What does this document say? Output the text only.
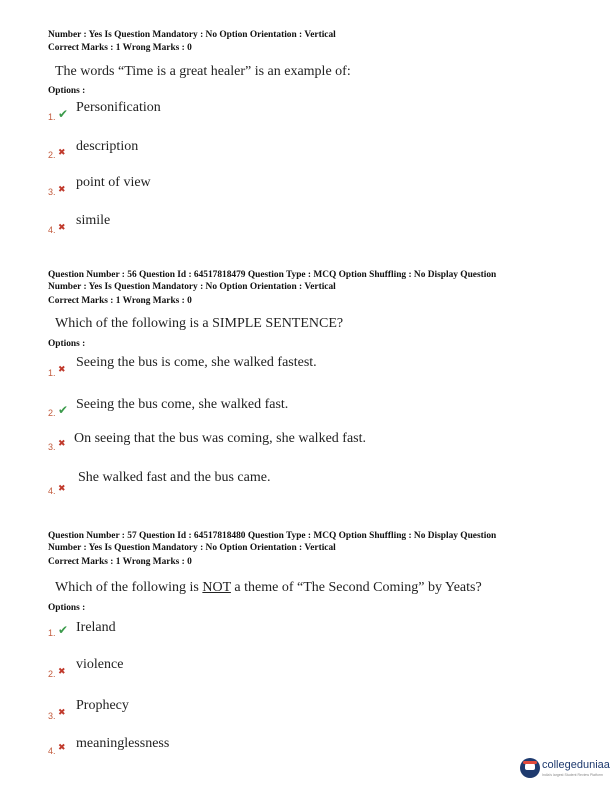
Number : Yes Is Question Mandatory : No Option Orientation : Vertical
Correct Marks : 1 Wrong Marks : 0
The words “Time is a great healer” is an example of:
Options :
1. ✔ Personification
2. ✖ description
3. ✖ point of view
4. ✖ simile
Question Number : 56 Question Id : 64517818479 Question Type : MCQ Option Shuffling : No Display Question
Number : Yes Is Question Mandatory : No Option Orientation : Vertical
Correct Marks : 1 Wrong Marks : 0
Which of the following is a SIMPLE SENTENCE?
Options :
1. ✖ Seeing the bus is come, she walked fastest.
2. ✔ Seeing the bus come, she walked fast.
3. ✖ On seeing that the bus was coming, she walked fast.
4. ✖
She walked fast and the bus came.
Question Number : 57 Question Id : 64517818480 Question Type : MCQ Option Shuffling : No Display Question
Number : Yes Is Question Mandatory : No Option Orientation : Vertical
Correct Marks : 1 Wrong Marks : 0
Which of the following is NOT a theme of “The Second Coming” by Yeats?
Options :
1. ✔ Ireland
2. ✖ violence
3. ✖ Prophecy
4. ✖ meaninglessness
collegeduniaa
India's largest Student Review Platform
